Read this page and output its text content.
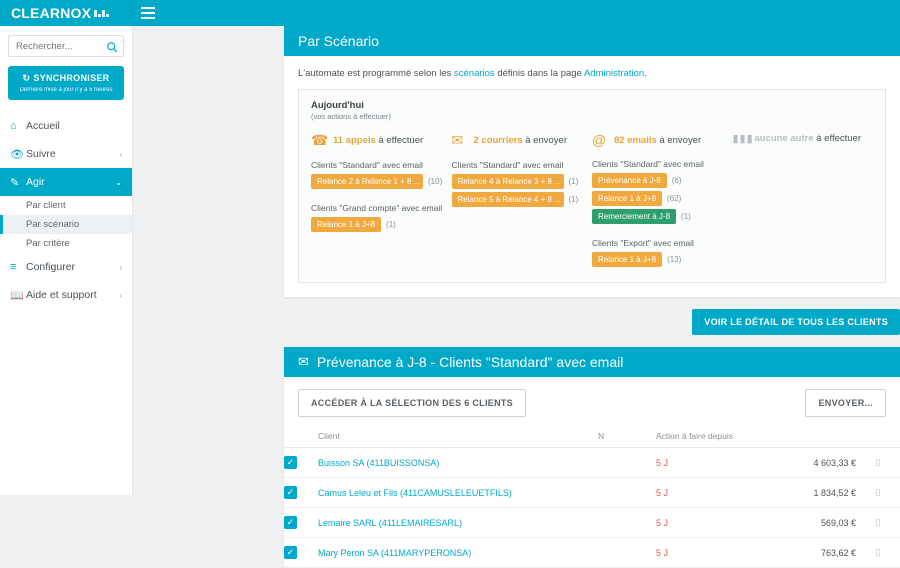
CLEARNOX
Rechercher...
↻ SYNCHRONISER
Dernière mise à jour il y a 5 heures
⌂ Accueil
👁 Suivre	‹
✎ Agir	⌄
Par client
Par scénario
Par critère
≡ Configurer	‹
📖 Aide et support	‹
Par Scénario
L'automate est programmé selon les scénarios définis dans la page Administration.
Aujourd'hui
(vos actions à effectuer)
☎ 11 appels à effectuer
Clients "Standard" avec email
Relance 2 à Relance 1 + 8 ... (10)
Clients "Grand compte" avec email
Relance 1 à J+8	(1)
✉	2 courriers à envoyer
Clients "Standard" avec email
Relance 4 à Relance 3 + 8 ... (1)
Relance 5 à Relance 4 + 8 ... (1)
@ 82 emails à envoyer
Clients "Standard" avec email
Prévenance à J-8	(6)
Relance 1 à J+8	(62)
Remerciement à J-8	(1)
Clients "Export" avec email
Relance 1 à J+8	(13)
▮▮▮ aucune autre à effectuer
VOIR LE DÉTAIL DE TOUS LES CLIENTS
✉ Prévenance à J-8 - Clients "Standard" avec email
ACCÉDER À LA SÉLECTION DES 6 CLIENTS	ENVOYER...
	Client	N	Action à faire depuis		
✓	Buisson SA (411BUISSONSA)		5 J	4 603,33 €	▯
✓	Camus Leleu et Fils (411CAMUSLELEUETFILS)		5 J	1 834,52 €	▯
✓	Lemaire SARL (411LEMAIRESARL)		5 J	569,03 €	▯
✓	Mary Peron SA (411MARYPERONSA)		5 J	763,62 €	▯
